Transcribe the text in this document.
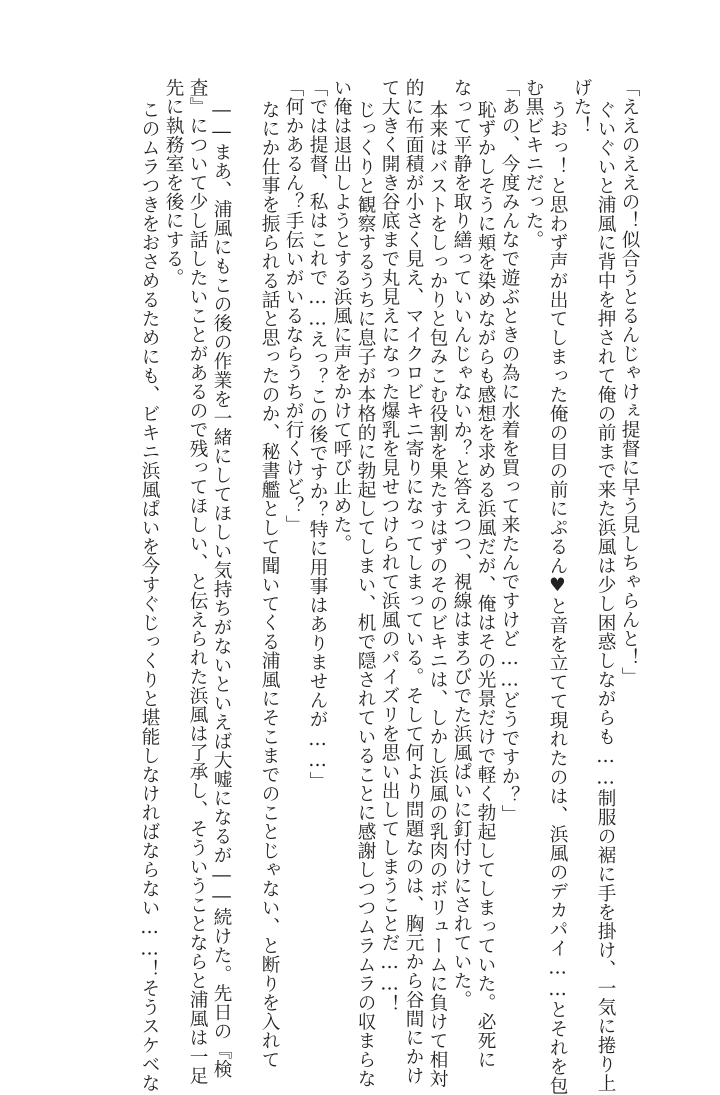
「ええのええの！似合うとるんじゃけぇ提督に早う見しちゃらんと！」
ぐいぐいと浦風に背中を押されて俺の前まで来た浜風は少し困惑しながらも……制服の裾に手を掛け、一気に捲り上
げた！
うおっ！と思わず声が出てしまった俺の目の前にぷるん♥と音を立てて現れたのは、浜風のデカパイ……とそれを包
む黒ビキニだった。
「あの、今度みんなで遊ぶときの為に水着を買って来たんですけど……どうですか？」
恥ずかしそうに頬を染めながらも感想を求める浜風だが、俺はその光景だけで軽く勃起してしまっていた。必死に
なって平静を取り繕っていいんじゃないか？と答えつつ、視線はまろびでた浜風ぱいに釘付けにされていた。
本来はバストをしっかりと包みこむ役割を果たすはずのそのビキニは、しかし浜風の乳肉のボリュームに負けて相対
的に布面積が小さく見え、マイクロビキニ寄りになってしまっている。そして何より問題なのは、胸元から谷間にかけ
て大きく開き谷底まで丸見えになった爆乳を見せつけられて浜風のパイズリを思い出してしまうことだ……！
じっくりと観察するうちに息子が本格的に勃起してしまい、机で隠されていることに感謝しつつムラムラの収まらな
い俺は退出しようとする浜風に声をかけて呼び止めた。
「では提督、私はこれで……えっ？この後ですか？特に用事はありませんが……」
「何かあるん？手伝いがいるならうちが行くけど？」
なにか仕事を振られる話と思ったのか、秘書艦として聞いてくる浦風にそこまでのことじゃない、と断りを入れて
――まあ、浦風にもこの後の作業を一緒にしてほしい気持ちがないといえば大嘘になるが――続けた。先日の『検
査』について少し話したいことがあるので残ってほしい、と伝えられた浜風は了承し、そういうことならと浦風は一足
先に執務室を後にする。
このムラつきをおさめるためにも、ビキニ浜風ぱいを今すぐじっくりと堪能しなければならない……！そうスケベな
